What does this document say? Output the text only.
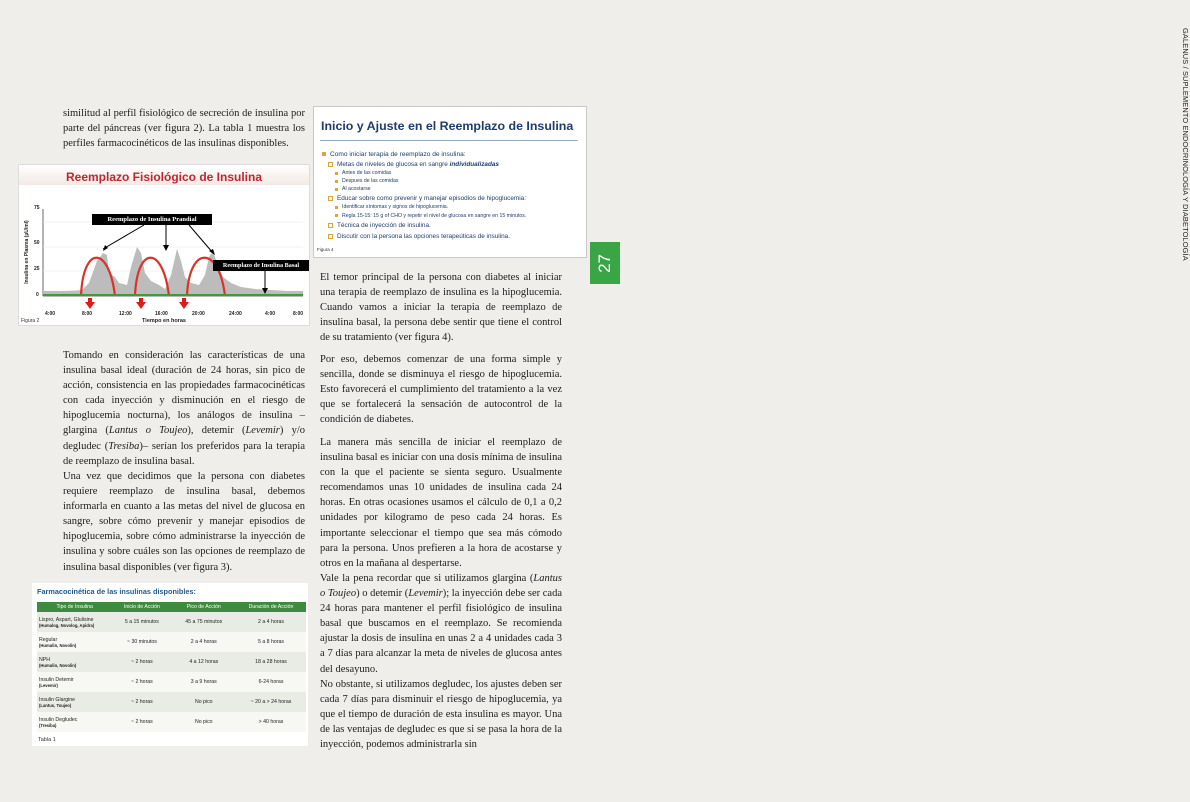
GALENUS / SUPLEMENTO ENDOCRINOLOGÍA Y DIABETOLOGÍA
27

similitud al perfil fisiológico de secreción de insulina por parte del páncreas (ver figura 2). La tabla 1 muestra los perfiles farmacocinéticos de las insulinas disponibles.

Reemplazo Fisiológico de Insulina
Reemplazo de Insulina Prandial
Reemplazo de Insulina Basal
Insulina en Plasma (µU/ml)
75
50
25
0
4:00	8:00	12:00	16:00	20:00	24:00	4:00	8:00
Tiempo en horas
Figura 2

Tomando en consideración las características de una insulina basal ideal (duración de 24 horas, sin pico de acción, consistencia en las propiedades farmacocinéticas con cada inyección y disminución en el riesgo de hipoglucemia nocturna), los análogos de insulina –glargina (Lantus o Toujeo), detemir (Levemir) y/o degludec (Tresiba)– serían los preferidos para la terapia de reemplazo de insulina basal.

Una vez que decidimos que la persona con diabetes requiere reemplazo de insulina basal, debemos informarla en cuanto a las metas del nivel de glucosa en sangre, sobre cómo prevenir y manejar episodios de hipoglucemia, sobre cómo administrarse la inyección de insulina y sobre cuáles son las opciones de reemplazo de insulina basal disponibles (ver figura 3).

Farmacocinética de las insulinas disponibles:
Tipo de Insulina	Inicio de Acción	Pico de Acción	Duración de Acción
Lispro, Aspart, Glulisine
(Humalog, Novolog, Apidra)	5 a 15 minutos	45 a 75 minutos	2 a 4 horas
Regular
(Humulin, Novolin)	~ 30 minutos	2 a 4 horas	5 a 8 horas
NPH
(Humulin, Novolin)	~ 2 horas	4 a 12 horas	18 a 28 horas
Insulin Detemir
(Levemir)	~ 2 horas	3 a 9 horas	6-24 horas
Insulin Glargine
(Lantus, Toujeo)	~ 2 horas	No pico	~ 20 a > 24 horas
Insulin Degludec
(Tresiba)	~ 2 horas	No pico	> 40 horas
Tabla 1
Inicio y Ajuste en el Reemplazo de Insulina
Como iniciar terapia de reemplazo de insulina:
Metas de niveles de glucosa en sangre
individualizadas
Antes de las comidas
Despues de las comidas
Al acostarse
Educar sobre como prevenir y manejar episodios de hipoglucemia:
Identificar síntomas y signos de hipoglucemia.
Regla 15-15: 15 g of CHO y repetir el nivel de glucosa en sangre en 15 minutos.
Técnica de inyección de insulina.
Discutir con la persona las opciones terapeúticas de insulina.
Figura 4

El temor principal de la persona con diabetes al iniciar una terapia de reemplazo de insulina es la hipoglucemia. Cuando vamos a iniciar la terapia de reemplazo de insulina basal, la persona debe sentir que tiene el control de su tratamiento (ver figura 4).

Por eso, debemos comenzar de una forma simple y sencilla, donde se disminuya el riesgo de hipoglucemia. Esto favorecerá el cumplimiento del tratamiento a la vez que se fortalecerá la sensación de autocontrol de la condición de diabetes.

La manera más sencilla de iniciar el reemplazo de insulina basal es iniciar con una dosis mínima de insulina con la que el paciente se sienta seguro. Usualmente recomendamos unas 10 unidades de insulina cada 24 horas. En otras ocasiones usamos el cálculo de 0,1 a 0,2 unidades por kilogramo de peso cada 24 horas. Es importante seleccionar el tiempo que sea más cómodo para la persona. Unos prefieren a la hora de acostarse y otros en la mañana al despertarse.

Vale la pena recordar que si utilizamos glargina (Lantus o Toujeo) o detemir (Levemir); la inyección debe ser cada 24 horas para mantener el perfil fisiológico de insulina basal que buscamos en el reemplazo. Se recomienda ajustar la dosis de insulina en unas 2 a 4 unidades cada 3 a 7 días para alcanzar la meta de niveles de glucosa antes del desayuno.

No obstante, si utilizamos degludec, los ajustes deben ser cada 7 días para disminuir el riesgo de hipoglucemia, ya que el tiempo de duración de esta insulina es mayor. Una de las ventajas de degludec es que si se pasa la hora de la inyección, podemos administrarla sin
